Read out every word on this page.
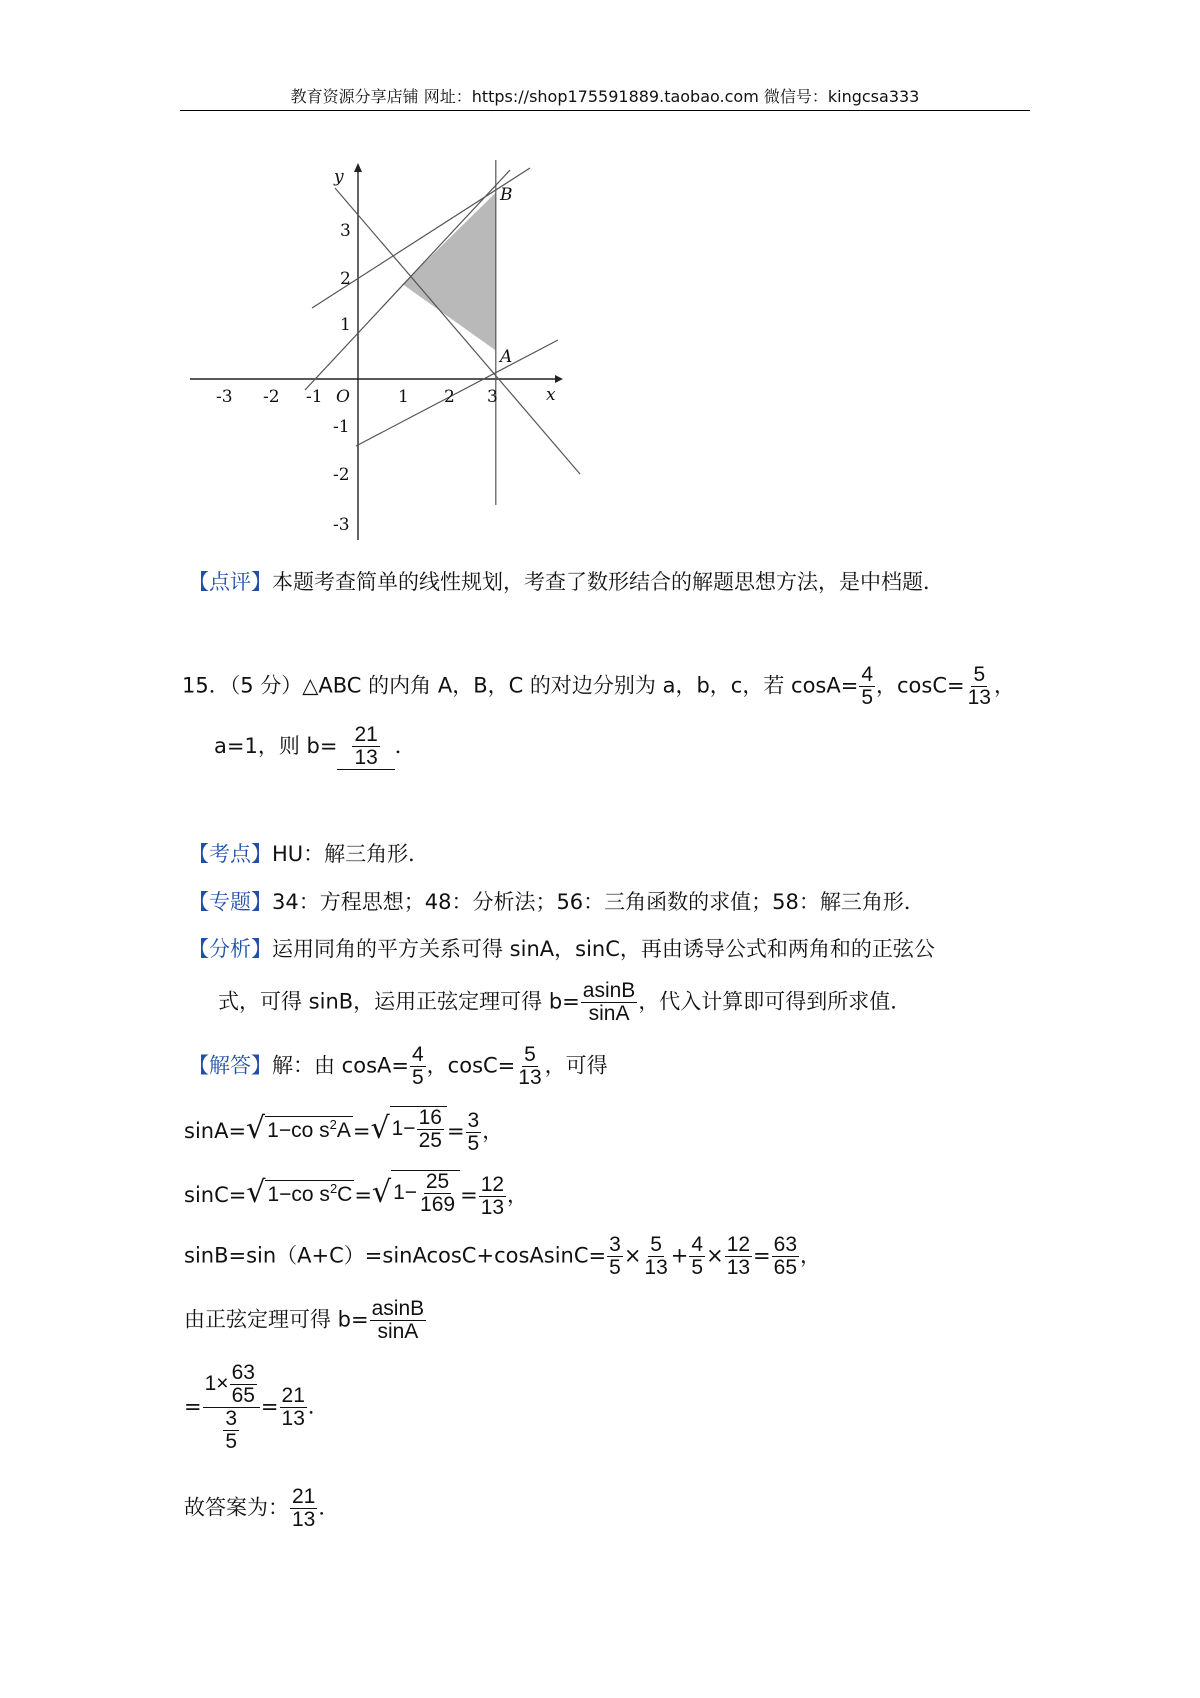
教育资源分享店铺 网址：https://shop175591889.taobao.com 微信号：kingcsa333
-3 -2 -1	1 2 3
3
2
1
-1
-2
-3
O	x
y
A
B
【点评】本题考查简单的线性规划，考查了数形结合的解题思想方法，是中档题．
15．（5 分）△ABC 的内角 A，B，C 的对边分别为 a，b，c，若 $\cos A= \frac{4}{5}$ ，$\cos C= \frac{5}{13}$ ，
a=1，则 $b= \frac{21}{13}$ ．
【考点】HU：解三角形．
【专题】34：方程思想；48：分析法；56：三角函数的求值；58：解三角形．
【分析】运用同角的平方关系可得 sinA，sinC，再由诱导公式和两角和的正弦公
式，可得 sinB，运用正弦定理可得 $b= \frac{asinB}{\sin A}$ ，代入计算即可得到所求值．
【解答】解：由 $\cos A= \frac{4}{5}$ ，$\cos C= \frac{5}{13}$ ，可得
sinA= √ 1−co $s^2A$ = √ $1- \frac{16}{25} = \frac{3}{5}$ ，
sinC= √ 1−co $s^2C$ = √ $1- \frac{25}{169} = \frac{12}{13}$ ，
sinB=sin（A+C）=sinAcosC+cosAsinC= $\frac{3}{5} \times \frac{5}{13} + \frac{4}{5} \times \frac{12}{13} = \frac{63}{65}$ ，
由正弦定理可得 $b= \frac{asinB}{\sin A}$
= $\frac{1\times \frac{63}{65}}{\frac{3}{5}} = \frac{21}{13}$ ．
故答案为： $\frac{21}{13}$ ．
